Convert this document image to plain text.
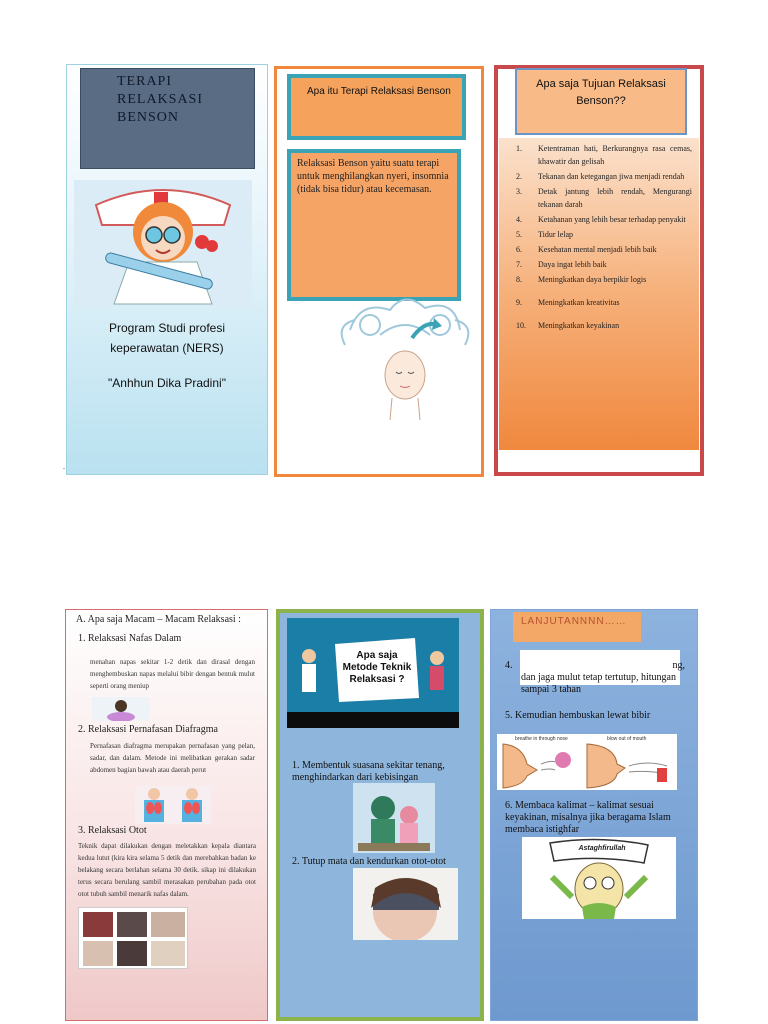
TERAPI
RELAKSASI
BENSON
Program Studi profesi
keperawatan (NERS)
"Anhhun Dika Pradini"
.
Apa itu Terapi Relaksasi Benson
Relaksasi Benson yaitu suatu terapi untuk menghilangkan nyeri, insomnia (tidak bisa tidur) atau kecemasan.
Apa saja Tujuan Relaksasi
Benson??
1. Ketentraman hati, Berkurangnya rasa cemas, khawatir dan gelisah
2. Tekanan dan ketegangan jiwa menjadi rendah
3. Detak jantung lebih rendah, Mengurangi tekanan darah
4. Ketahanan yang lebih besar terhadap penyakit
5. Tidur lelap
6. Kesehatan mental menjadi lebih baik
7. Daya ingat lebih baik
8. Meningkatkan daya berpikir logis
9. Meningkatkan kreativitas
10. Meningkatkan keyakinan
A. Apa saja Macam – Macam Relaksasi :
1. Relaksasi Nafas Dalam
menahan napas sekitar 1-2 detik dan dirasal dengan menghembuskan napas melalui bibir dengan bentuk mulut seperti orang meniup
2. Relaksasi Pernafasan Diafragma
Pernafasan diafragma merupakan pernafasan yang pelan, sadar, dan dalam. Metode ini melibatkan gerakan sadar abdomen bagian bawah atau daerah perut
3. Relaksasi Otot
Teknik dapat dilakukan dengan meletakkan kepala diantara kedua lutut (kira kira selama 5 detik dan merebahkan badan ke belakang secara berlahan selama 30 detik. sikap ini dilakukan terus secara berulang sambil merasakan perubahan pada otot otot tubuh sambil menarik nafas dalam.
Apa saja
Metode Teknik
Relaksasi ?
1. Membentuk suasana sekitar tenang, menghindarkan dari kebisingan
2. Tutup mata dan kendurkan otot-otot
LANJUTANNNN……
4.	ng,
dan jaga mulut tetap tertutup, hitungan sampai 3 tahan
5. Kemudian hembuskan lewat bibir
breathe in through nose	blow out of mouth
6. Membaca kalimat – kalimat sesuai keyakinan, misalnya jika beragama Islam membaca istighfar
Astaghfirullah
